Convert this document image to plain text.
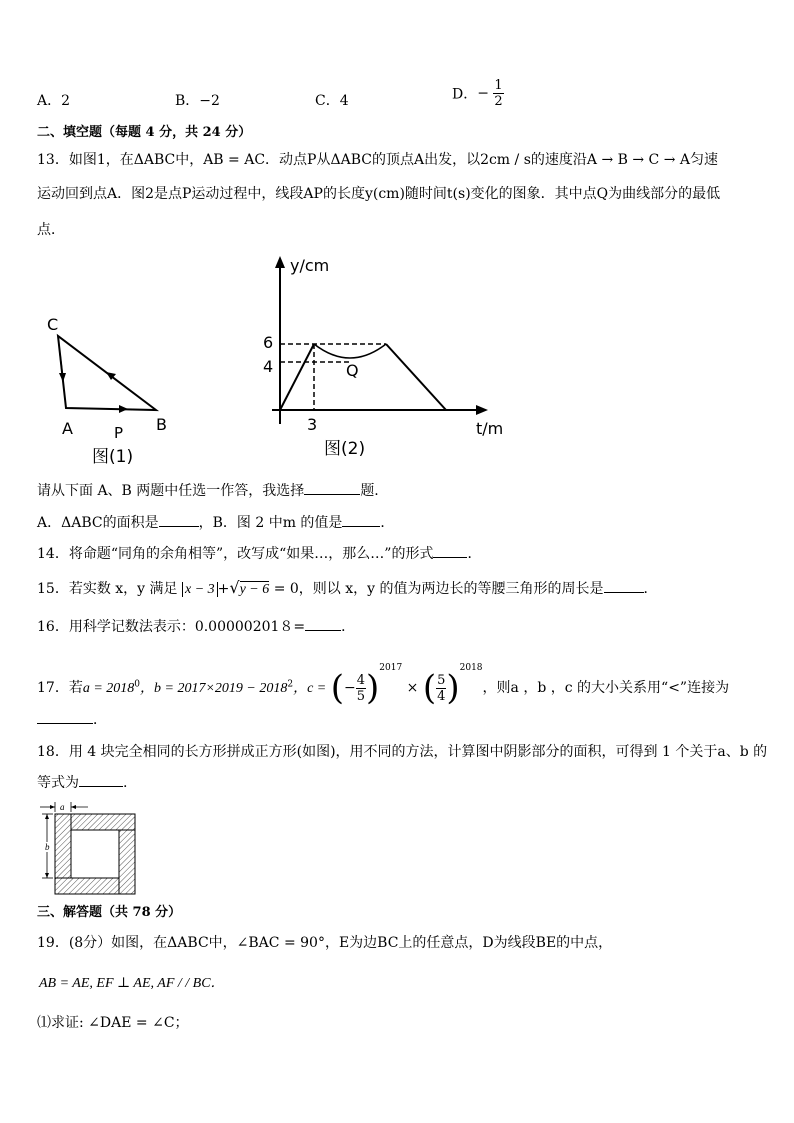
A．2	B．−2	C．4	D．− $\frac{1}{2}$
二、填空题（每题 4 分，共 24 分）
13．如图1，在ΔABC中，AB = AC．动点P从ΔABC的顶点A出发，以2cm / s的速度沿A → B → C → A匀速
运动回到点A．图2是点P运动过程中，线段AP的长度y(cm)随时间t(s)变化的图象．其中点Q为曲线部分的最低
点．
C
A	P B
图(1)
y/cm
t/m
6
4
3
Q
图(2)
请从下面 A、B 两题中任选一作答，我选择	题.
A．ΔABC的面积是	，B．图 2 中m 的值是	．
14．将命题“同角的余角相等”，改写成“如果…，那么…”的形式 ．
15．若实数 x，y 满足 x − 3 +√y − 6 = 0，则以 x，y 的值为两边长的等腰三角形的周长是	．
16．用科学记数法表示：0.00000201８=	．
17．若$a = 2018^0$，$b = 2017\times 2019 - 2018^2$，c = (− $\frac{4}{5} )^{2017}$ × ( $\frac{5}{4} )^{2018}$，则a ，b ，c 的大小关系用“<”连接为
．
18．用 4 块完全相同的长方形拼成正方形(如图)，用不同的方法，计算图中阴影部分的面积，可得到 1 个关于a、b 的
等式为	.
a
b
三、解答题（共 78 分）
19．(8分）如图，在ΔABC中，∠BAC = 90°，E为边BC上的任意点，D为线段BE的中点，
AB = AE, EF ⊥ AE, AF / / BC．
⑴求证: ∠DAE = ∠C；
